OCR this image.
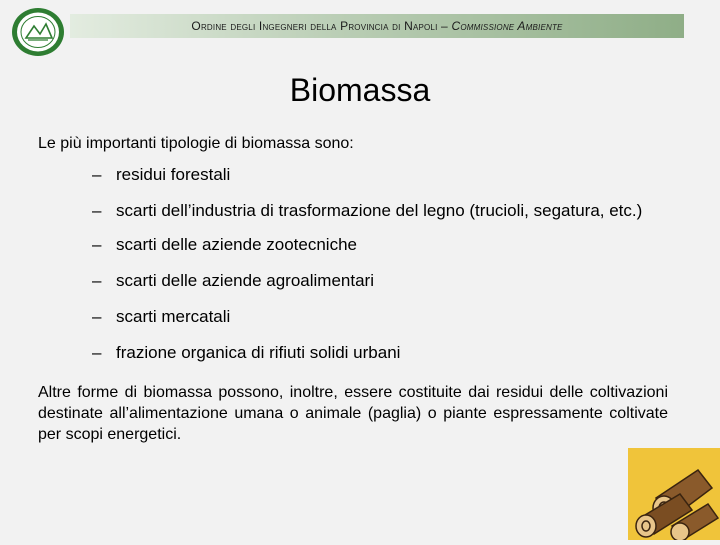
Ordine degli Ingegneri della Provincia di Napoli – Commissione Ambiente
Biomassa
Le più importanti tipologie di biomassa sono:
– residui forestali
– scarti dell’industria di trasformazione del legno (trucioli, segatura, etc.)
– scarti delle aziende zootecniche
– scarti delle aziende agroalimentari
– scarti mercatali
– frazione organica di rifiuti solidi urbani
Altre forme di biomassa possono, inoltre, essere costituite dai residui delle coltivazioni destinate all’alimentazione umana o animale (paglia) o piante espressamente coltivate per scopi energetici.
